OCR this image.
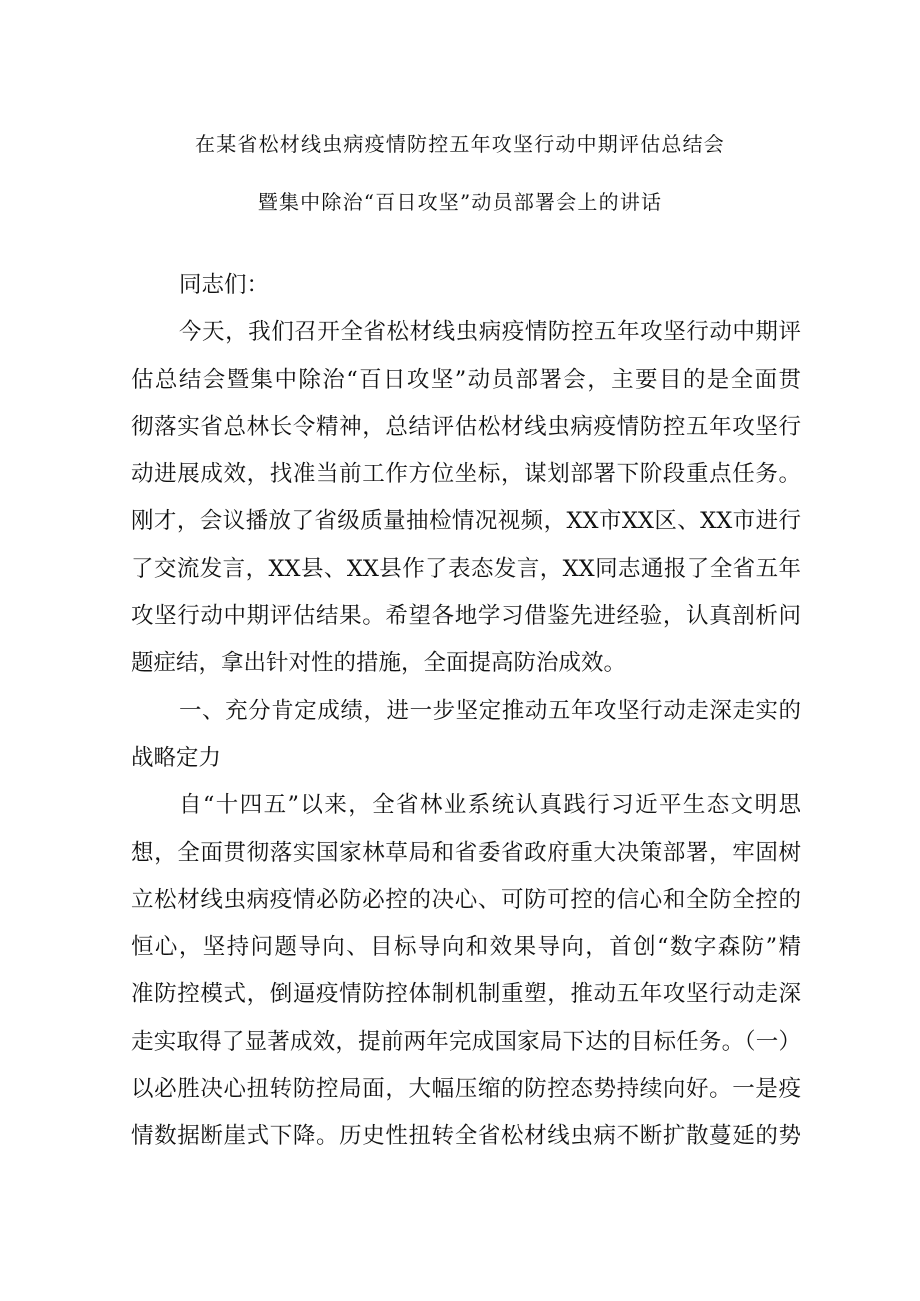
在某省松材线虫病疫情防控五年攻坚行动中期评估总结会
暨集中除治“百日攻坚”动员部署会上的讲话
同志们：
今天，我们召开全省松材线虫病疫情防控五年攻坚行动中期评
估总结会暨集中除治“百日攻坚”动员部署会，主要目的是全面贯
彻落实省总林长令精神，总结评估松材线虫病疫情防控五年攻坚行
动进展成效，找准当前工作方位坐标，谋划部署下阶段重点任务。
刚才，会议播放了省级质量抽检情况视频，XX市XX区、XX市进行
了交流发言，XX县、XX县作了表态发言，XX同志通报了全省五年
攻坚行动中期评估结果。希望各地学习借鉴先进经验，认真剖析问
题症结，拿出针对性的措施，全面提高防治成效。
一、充分肯定成绩，进一步坚定推动五年攻坚行动走深走实的
战略定力
自“十四五”以来，全省林业系统认真践行习近平生态文明思
想，全面贯彻落实国家林草局和省委省政府重大决策部署，牢固树
立松材线虫病疫情必防必控的决心、可防可控的信心和全防全控的
恒心，坚持问题导向、目标导向和效果导向，首创“数字森防”精
准防控模式，倒逼疫情防控体制机制重塑，推动五年攻坚行动走深
走实取得了显著成效，提前两年完成国家局下达的目标任务。（一）
以必胜决心扭转防控局面，大幅压缩的防控态势持续向好。一是疫
情数据断崖式下降。历史性扭转全省松材线虫病不断扩散蔓延的势
